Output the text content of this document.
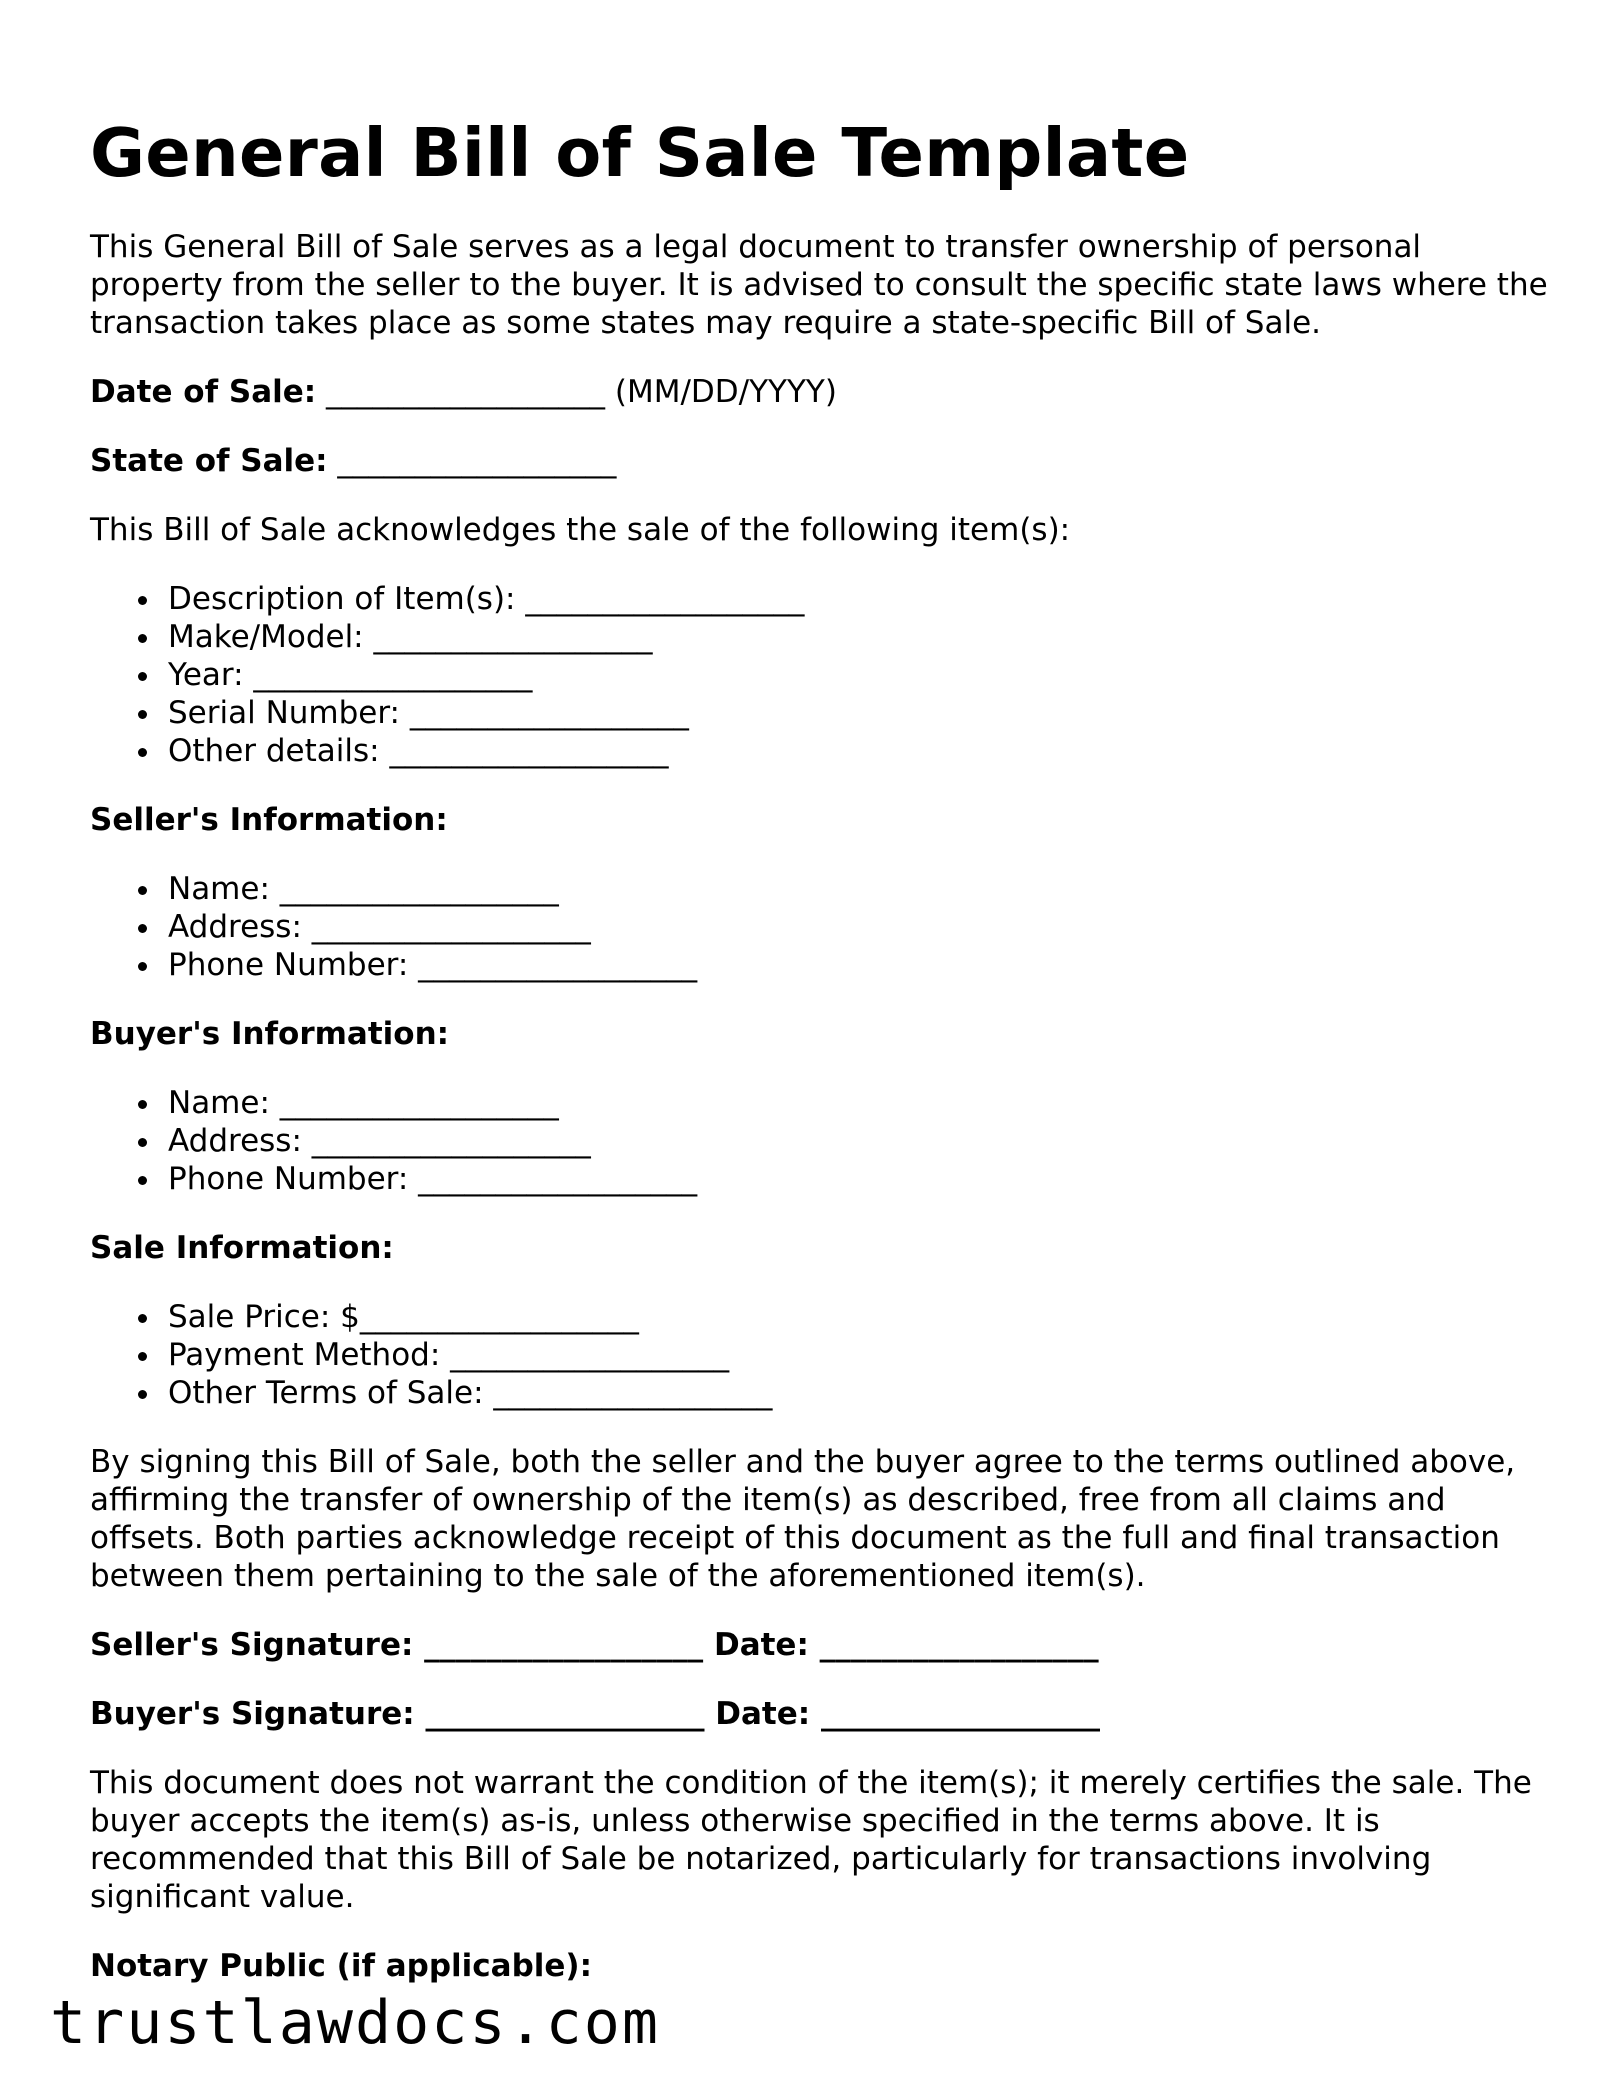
General Bill of Sale Template

This General Bill of Sale serves as a legal document to transfer ownership of personal property from the seller to the buyer. It is advised to consult the specific state laws where the transaction takes place as some states may require a state-specific Bill of Sale.

Date of Sale: __________________ (MM/DD/YYYY)

State of Sale: __________________

This Bill of Sale acknowledges the sale of the following item(s):

Description of Item(s): __________________
Make/Model: __________________
Year: __________________
Serial Number: __________________
Other details: __________________

Seller's Information:

Name: __________________
Address: __________________
Phone Number: __________________

Buyer's Information:

Name: __________________
Address: __________________
Phone Number: __________________

Sale Information:

Sale Price: $__________________
Payment Method: __________________
Other Terms of Sale: __________________

By signing this Bill of Sale, both the seller and the buyer agree to the terms outlined above, affirming the transfer of ownership of the item(s) as described, free from all claims and offsets. Both parties acknowledge receipt of this document as the full and final transaction between them pertaining to the sale of the aforementioned item(s).

Seller's Signature: __________________ Date: __________________

Buyer's Signature: __________________ Date: __________________

This document does not warrant the condition of the item(s); it merely certifies the sale. The buyer accepts the item(s) as-is, unless otherwise specified in the terms above. It is recommended that this Bill of Sale be notarized, particularly for transactions involving significant value.

Notary Public (if applicable):

trustlawdocs.com
